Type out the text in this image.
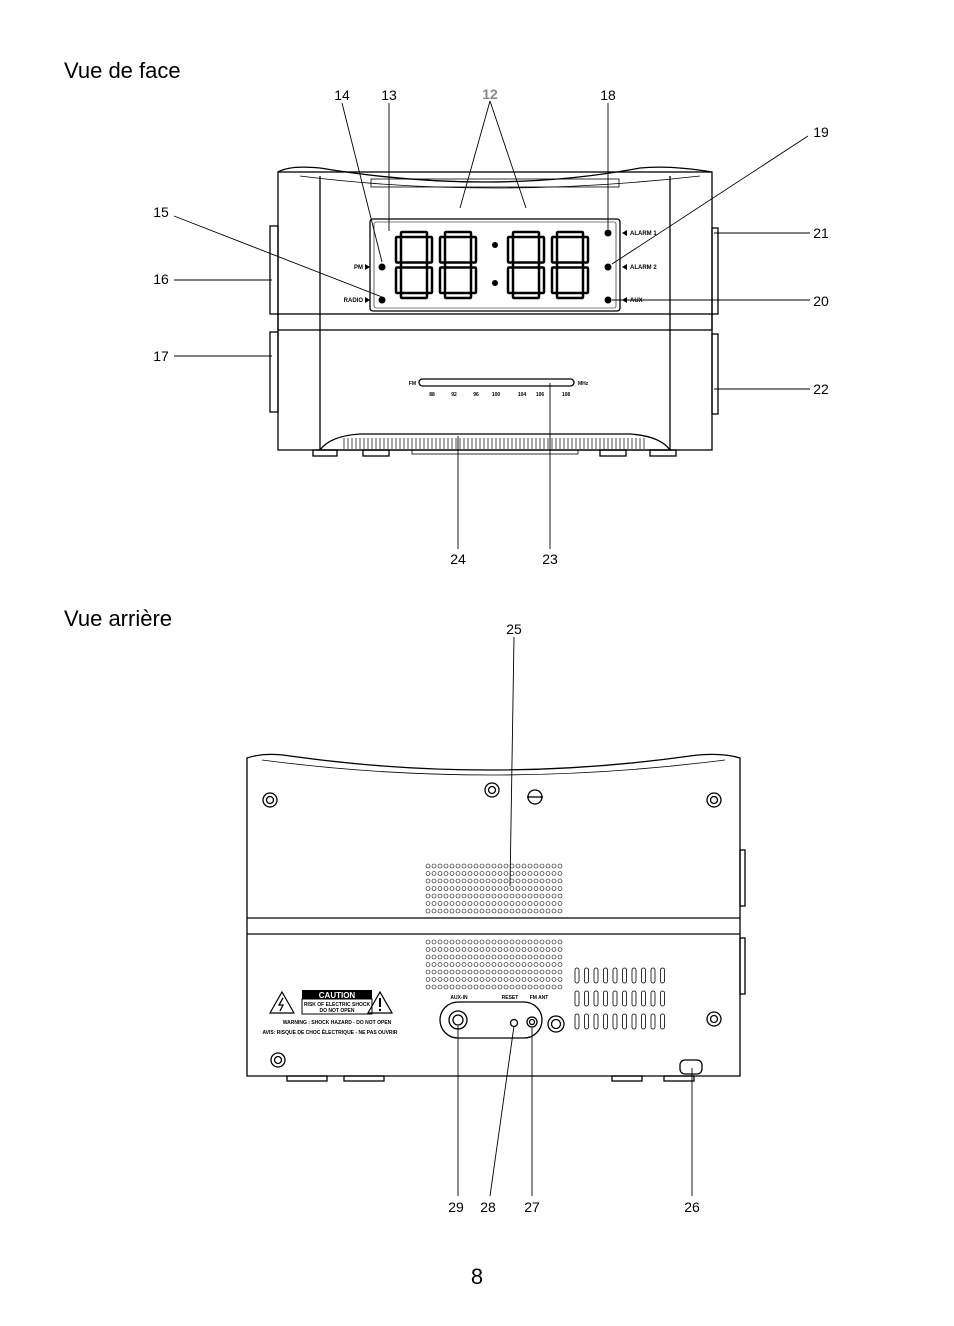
Vue de face
Vue arrière
8
PM
RADIO
ALARM 1
ALARM 2
AUX
FM	MHz
88	92	96	100	104 106	108
12
13
14
15
16
17
18
19
20
21
22
23
24
CAUTION
RISK OF ELECTRIC SHOCK
DO NOT OPEN
WARNING : SHOCK HAZARD - DO NOT OPEN
AVIS: RISQUE DE CHOC ÉLECTRIQUE - NE PAS OUVRIR
AUX-IN	RESET FM ANT
25
26
27
28
29
